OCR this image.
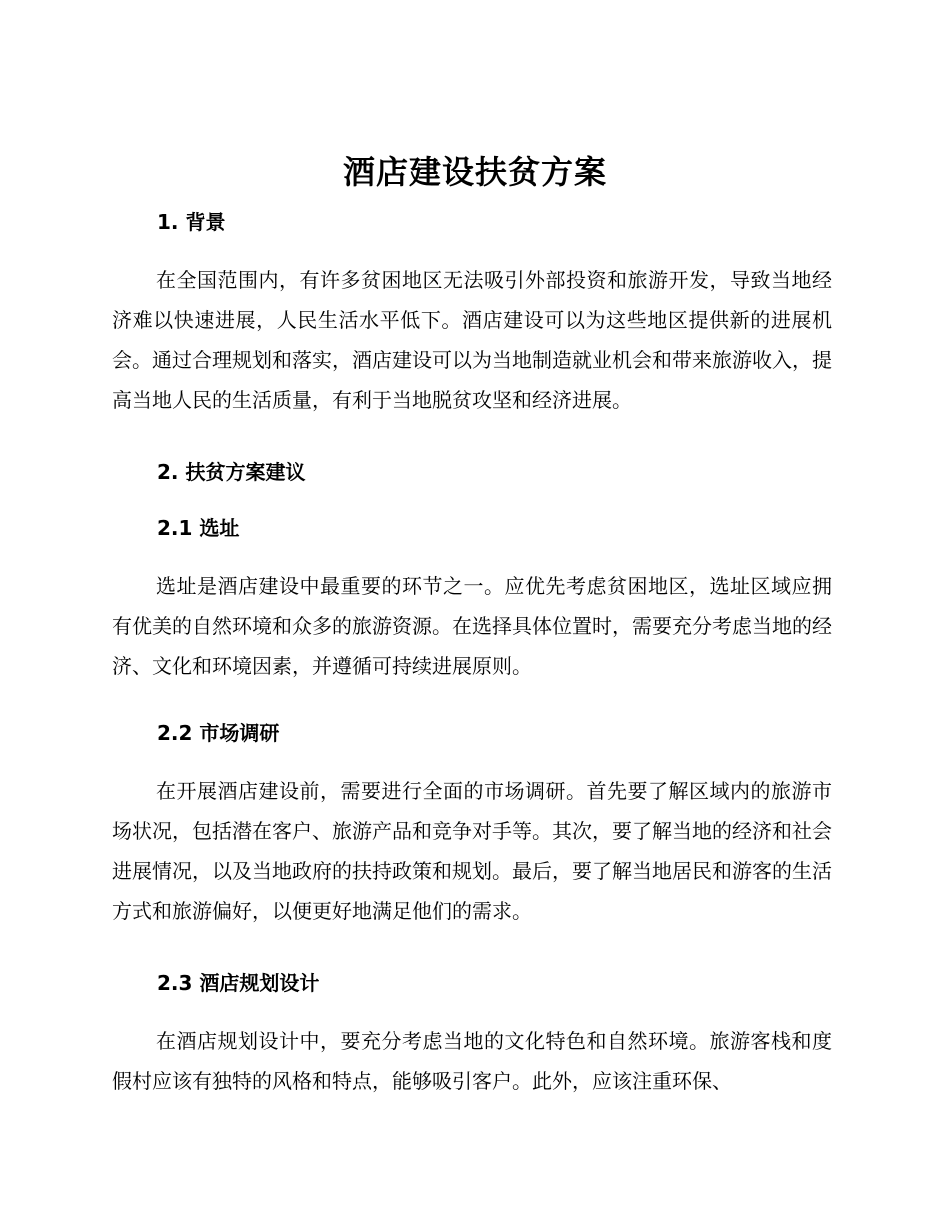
酒店建设扶贫方案
1. 背景
在全国范围内，有许多贫困地区无法吸引外部投资和旅游开发，导致当地经济难以快速进展，人民生活水平低下。酒店建设可以为这些地区提供新的进展机会。通过合理规划和落实，酒店建设可以为当地制造就业机会和带来旅游收入，提高当地人民的生活质量，有利于当地脱贫攻坚和经济进展。
2. 扶贫方案建议
2.1 选址
选址是酒店建设中最重要的环节之一。应优先考虑贫困地区，选址区域应拥有优美的自然环境和众多的旅游资源。在选择具体位置时，需要充分考虑当地的经济、文化和环境因素，并遵循可持续进展原则。
2.2 市场调研
在开展酒店建设前，需要进行全面的市场调研。首先要了解区域内的旅游市场状况，包括潜在客户、旅游产品和竞争对手等。其次，要了解当地的经济和社会进展情况，以及当地政府的扶持政策和规划。最后，要了解当地居民和游客的生活方式和旅游偏好，以便更好地满足他们的需求。
2.3 酒店规划设计
在酒店规划设计中，要充分考虑当地的文化特色和自然环境。旅游客栈和度假村应该有独特的风格和特点，能够吸引客户。此外，应该注重环保、
